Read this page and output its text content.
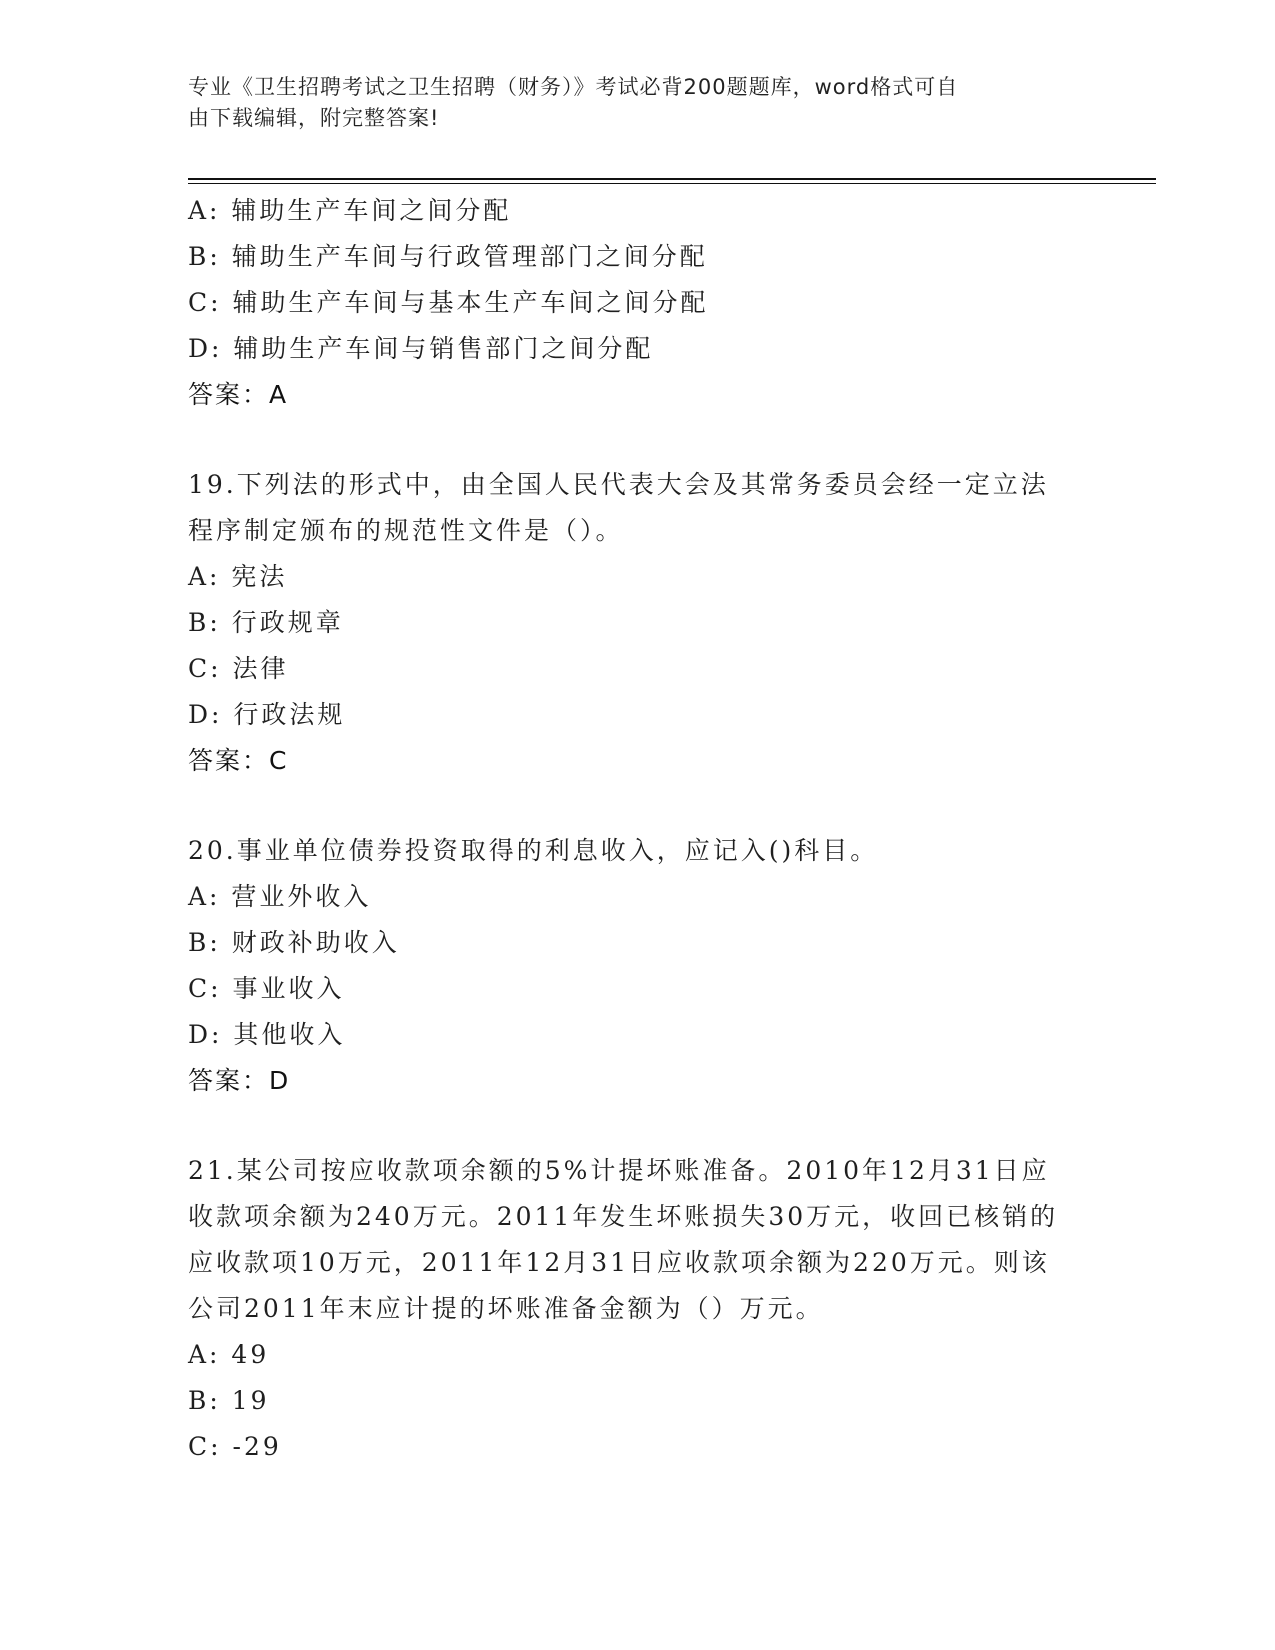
专业《卫生招聘考试之卫生招聘（财务）》考试必背200题题库，word格式可自
由下载编辑，附完整答案!
A: 辅助生产车间之间分配
B: 辅助生产车间与行政管理部门之间分配
C: 辅助生产车间与基本生产车间之间分配
D: 辅助生产车间与销售部门之间分配
答案：A
19.下列法的形式中，由全国人民代表大会及其常务委员会经一定立法
程序制定颁布的规范性文件是（）。
A: 宪法
B: 行政规章
C: 法律
D: 行政法规
答案：C
20.事业单位债券投资取得的利息收入，应记入()科目。
A: 营业外收入
B: 财政补助收入
C: 事业收入
D: 其他收入
答案：D
21.某公司按应收款项余额的5%计提坏账准备。2010年12月31日应
收款项余额为240万元。2011年发生坏账损失30万元，收回已核销的
应收款项10万元，2011年12月31日应收款项余额为220万元。则该
公司2011年末应计提的坏账准备金额为（）万元。
A: 49
B: 19
C: -29
